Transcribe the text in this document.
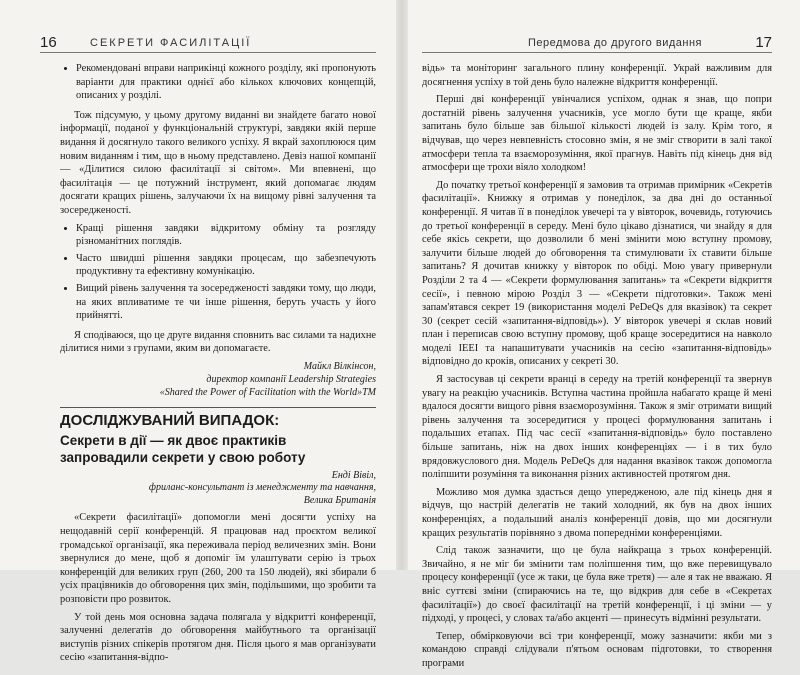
16	СЕКРЕТИ ФАСИЛІТАЦІЇ
• Рекомендовані вправи наприкінці кожного розділу, які пропонують варіанти для практики однієї або кількох ключових концепцій, описаних у розділі.

Тож підсумую, у цьому другому виданні ви знайдете багато нової інформації, поданої у функціональній структурі, завдяки якій перше видання й досягнуло такого великого успіху. Я вкрай захоплююся цим новим виданням і тим, що в ньому представлено. Девіз нашої компанії — «Ділитися силою фасилітації зі світом». Ми впевнені, що фасилітація — це потужний інструмент, який допомагає людям досягати кращих рішень, залучаючи їх на вищому рівні залучення та зосередженості.

• Кращі рішення завдяки відкритому обміну та розгляду різноманітних поглядів.
• Часто швидші рішення завдяки процесам, що забезпечують продуктивну та ефективну комунікацію.
• Вищий рівень залучення та зосередженості завдяки тому, що люди, на яких впливатиме те чи інше рішення, беруть участь у його прийнятті.

Я сподіваюся, що це друге видання сповнить вас силами та надихне ділитися ними з групами, яким ви допомагаєте.

Майкл Вілкінсон,
директор компанії Leadership Strategies
«Shared the Power of Facilitation with the World»TM
ДОСЛІДЖУВАНИЙ ВИПАДОК:
Секрети в дії — як двоє практиків запровадили секрети у свою роботу
Енді Вівіл,
фриланс-консультант із менеджменту та навчання,
Велика Британія

«Секрети фасилітації» допомогли мені досягти успіху на нещодавній серії конференцій. Я працював над проєктом великої громадської організації, яка переживала період величезних змін. Вони звернулися до мене, щоб я допоміг їм улаштувати серію із трьох конференцій для великих груп (260, 200 та 150 людей), які збирали б усіх працівників до обговорення цих змін, подільшими, що зробити та розповісти про розвиток.

У той день моя основна задача полягала у відкритті конференції, залученні делегатів до обговорення майбутнього та організації виступів різних спікерів протягом дня. Після цього я мав організувати сесію «запитання-відпо-

Передмова до другого видання	17

відь» та моніторинг загального плину конференції. Украй важливим для досягнення успіху в той день було належне відкриття конференції.

Перші дві конференції увінчалися успіхом, однак я знав, що попри достатній рівень залучення учасників, усе могло бути ще краще, якби запитань було більше зав більшої кількості людей із залу. Крім того, я відчував, що через невпевність стосовно змін, я не зміг створити в залі такої атмосфери тепла та взаєморозуміння, якої прагнув. Навіть під кінець дня від атмосфери ще трохи віяло холодком!

До початку третьої конференції я замовив та отримав примірник «Секретів фасилітації». Книжку я отримав у понеділок, за два дні до останньої конференції. Я читав її в понеділок увечері та у вівторок, вочевидь, готуючись до третьої конференції в середу. Мені було цікаво дізнатися, чи знайду я для себе якісь секрети, що дозволили б мені змінити мою вступну промову, залучити більше людей до обговорення та стимулювати їх ставити більше запитань? Я дочитав книжку у вівторок по обіді. Мою увагу привернули Розділи 2 та 4 — «Секрети формулювання запитань» та «Секрети відкриття сесії», і певною мірою Розділ 3 — «Секрети підготовки». Також мені запам'ятався секрет 19 (використання моделі PeDeQs для вказівок) та секрет 30 (секрет сесій «запитання-відповідь»). У вівторок увечері я склав новий план і переписав свою вступну промову, щоб краще зосередитися на навколо моделі IEEI та напашитувати учасників на сесію «запитання-відповідь» відповідно до кроків, описаних у секреті 30.

Я застосував ці секрети вранці в середу на третій конференції та звернув увагу на реакцію учасників. Вступна частина пройшла набагато краще й мені вдалося досягти вищого рівня взаєморозуміння. Також я зміг отримати вищий рівень залучення та зосередитися у процесі формулювання запитань і подальших етапах. Під час сесії «запитання-відповідь» було поставлено більше запитань, ніж на двох інших конференціях — і в тих було врядовжуслового дня. Модель PeDeQs для надання вказівок також допомогла поліпшити розуміння та виконання різних активностей протягом дня.

Можливо моя думка здасться дещо упередженою, але під кінець дня я відчув, що настрій делегатів не такий холодний, як був на двох інших конференціях, а подальший аналіз конференції довів, що ми досягнули кращих результатів порівняно з двома попередніми конференціями.

Слід також зазначити, що це була найкраща з трьох конференцій. Звичайно, я не міг би змінити там поліпшення тим, що вже перевищувало процесу конференції (усе ж таки, це була вже третя) — але я так не вважаю. Я вніс суттєві зміни (спираючись на те, що відкрив для себе в «Секретах фасилітації») до своєї фасилітації на третій конференції, і ці зміни — у підході, у процесі, у словах та/або акценті — принесуть відмінні результати.

Тепер, обмірковуючи всі три конференції, можу зазначити: якби ми з командою справді слідували п'ятьом основам підготовки, то створення програми
